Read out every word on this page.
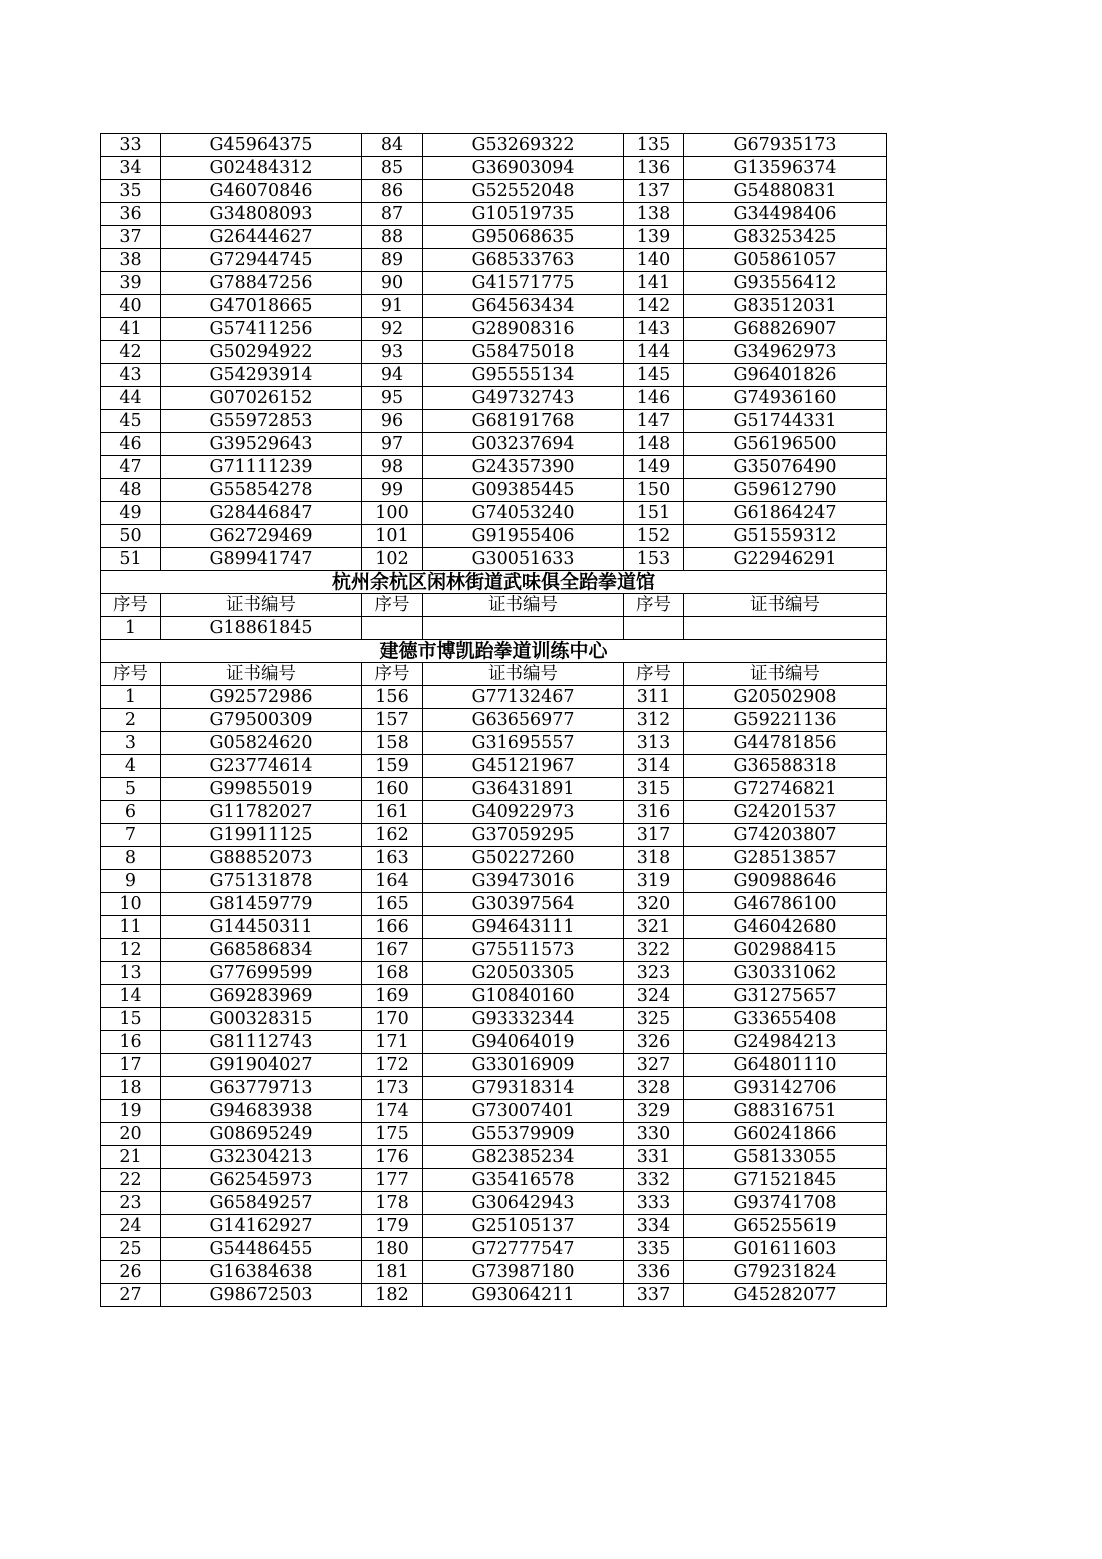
33	G45964375	84	G53269322	135	G67935173
34	G02484312	85	G36903094	136	G13596374
35	G46070846	86	G52552048	137	G54880831
36	G34808093	87	G10519735	138	G34498406
37	G26444627	88	G95068635	139	G83253425
38	G72944745	89	G68533763	140	G05861057
39	G78847256	90	G41571775	141	G93556412
40	G47018665	91	G64563434	142	G83512031
41	G57411256	92	G28908316	143	G68826907
42	G50294922	93	G58475018	144	G34962973
43	G54293914	94	G95555134	145	G96401826
44	G07026152	95	G49732743	146	G74936160
45	G55972853	96	G68191768	147	G51744331
46	G39529643	97	G03237694	148	G56196500
47	G71111239	98	G24357390	149	G35076490
48	G55854278	99	G09385445	150	G59612790
49	G28446847	100	G74053240	151	G61864247
50	G62729469	101	G91955406	152	G51559312
51	G89941747	102	G30051633	153	G22946291
杭州余杭区闲林街道武味俱全跆拳道馆					
序号	证书编号	序号	证书编号	序号	证书编号
1	G18861845				
建德市博凯跆拳道训练中心					
序号	证书编号	序号	证书编号	序号	证书编号
1	G92572986	156	G77132467	311	G20502908
2	G79500309	157	G63656977	312	G59221136
3	G05824620	158	G31695557	313	G44781856
4	G23774614	159	G45121967	314	G36588318
5	G99855019	160	G36431891	315	G72746821
6	G11782027	161	G40922973	316	G24201537
7	G19911125	162	G37059295	317	G74203807
8	G88852073	163	G50227260	318	G28513857
9	G75131878	164	G39473016	319	G90988646
10	G81459779	165	G30397564	320	G46786100
11	G14450311	166	G94643111	321	G46042680
12	G68586834	167	G75511573	322	G02988415
13	G77699599	168	G20503305	323	G30331062
14	G69283969	169	G10840160	324	G31275657
15	G00328315	170	G93332344	325	G33655408
16	G81112743	171	G94064019	326	G24984213
17	G91904027	172	G33016909	327	G64801110
18	G63779713	173	G79318314	328	G93142706
19	G94683938	174	G73007401	329	G88316751
20	G08695249	175	G55379909	330	G60241866
21	G32304213	176	G82385234	331	G58133055
22	G62545973	177	G35416578	332	G71521845
23	G65849257	178	G30642943	333	G93741708
24	G14162927	179	G25105137	334	G65255619
25	G54486455	180	G72777547	335	G01611603
26	G16384638	181	G73987180	336	G79231824
27	G98672503	182	G93064211	337	G45282077
